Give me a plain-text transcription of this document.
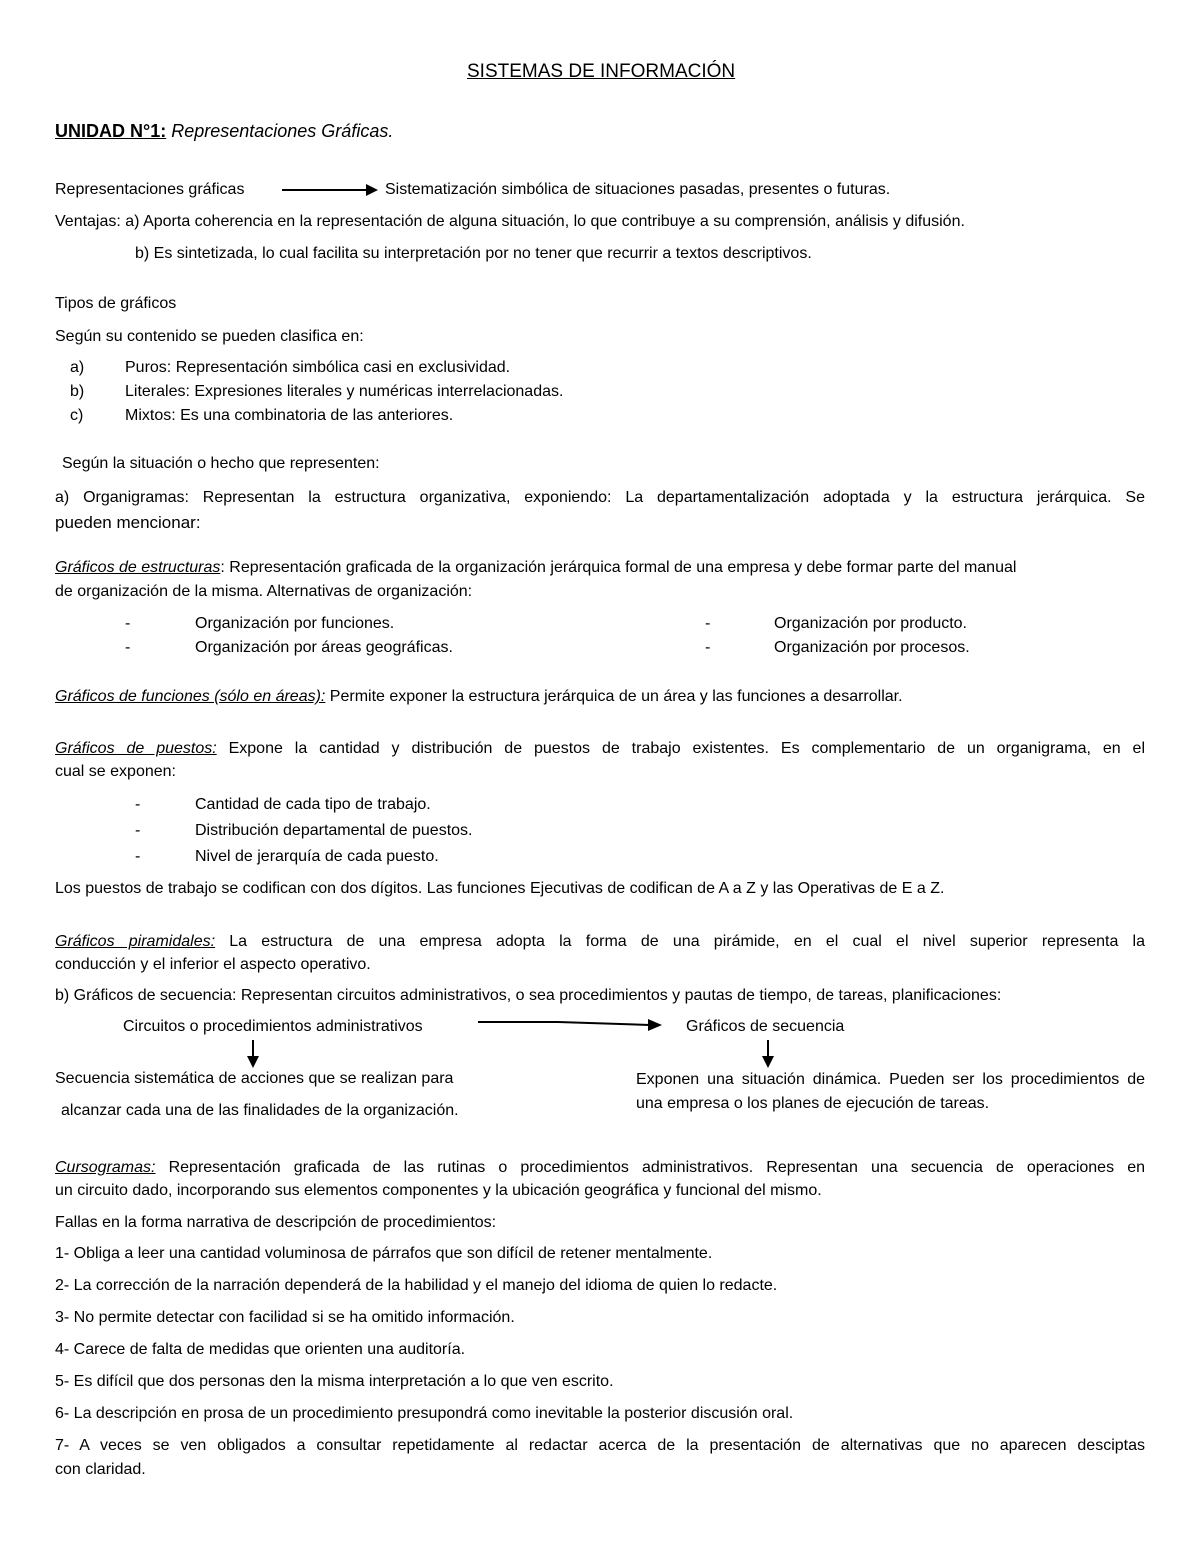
SISTEMAS DE INFORMACIÓN
UNIDAD N°1: Representaciones Gráficas.
Representaciones gráficas	Sistematización simbólica de situaciones pasadas, presentes o futuras.
Ventajas: a) Aporta coherencia en la representación de alguna situación, lo que contribuye a su comprensión, análisis y difusión.
b) Es sintetizada, lo cual facilita su interpretación por no tener que recurrir a textos descriptivos.
Tipos de gráficos
Según su contenido se pueden clasifica en:
a)	Puros: Representación simbólica casi en exclusividad.
b)	Literales: Expresiones literales y numéricas interrelacionadas.
c)	Mixtos: Es una combinatoria de las anteriores.
Según la situación o hecho que representen:
a) Organigramas: Representan la estructura organizativa, exponiendo: La departamentalización adoptada y la estructura jerárquica. Se
pueden mencionar:
Gráficos de estructuras: Representación graficada de la organización jerárquica formal de una empresa y debe formar parte del manual
de organización de la misma. Alternativas de organización:
-	Organización por funciones.	-	Organización por producto.
-	Organización por áreas geográficas.	-	Organización por procesos.
Gráficos de funciones (sólo en áreas): Permite exponer la estructura jerárquica de un área y las funciones a desarrollar.
Gráficos de puestos: Expone la cantidad y distribución de puestos de trabajo existentes. Es complementario de un organigrama, en el
cual se exponen:
-	Cantidad de cada tipo de trabajo.
-	Distribución departamental de puestos.
-	Nivel de jerarquía de cada puesto.
Los puestos de trabajo se codifican con dos dígitos. Las funciones Ejecutivas de codifican de A a Z y las Operativas de E a Z.
Gráficos piramidales: La estructura de una empresa adopta la forma de una pirámide, en el cual el nivel superior representa la
conducción y el inferior el aspecto operativo.
b) Gráficos de secuencia: Representan circuitos administrativos, o sea procedimientos y pautas de tiempo, de tareas, planificaciones:
Circuitos o procedimientos administrativos	Gráficos de secuencia
Secuencia sistemática de acciones que se realizan para
alcanzar cada una de las finalidades de la organización.
Exponen una situación dinámica. Pueden ser los procedimientos de una empresa o los planes de ejecución de tareas.
Cursogramas: Representación graficada de las rutinas o procedimientos administrativos. Representan una secuencia de operaciones en
un circuito dado, incorporando sus elementos componentes y la ubicación geográfica y funcional del mismo.
Fallas en la forma narrativa de descripción de procedimientos:
1- Obliga a leer una cantidad voluminosa de párrafos que son difícil de retener mentalmente.
2- La corrección de la narración dependerá de la habilidad y el manejo del idioma de quien lo redacte.
3- No permite detectar con facilidad si se ha omitido información.
4- Carece de falta de medidas que orienten una auditoría.
5- Es difícil que dos personas den la misma interpretación a lo que ven escrito.
6- La descripción en prosa de un procedimiento presupondrá como inevitable la posterior discusión oral.
7- A veces se ven obligados a consultar repetidamente al redactar acerca de la presentación de alternativas que no aparecen desciptas
con claridad.
